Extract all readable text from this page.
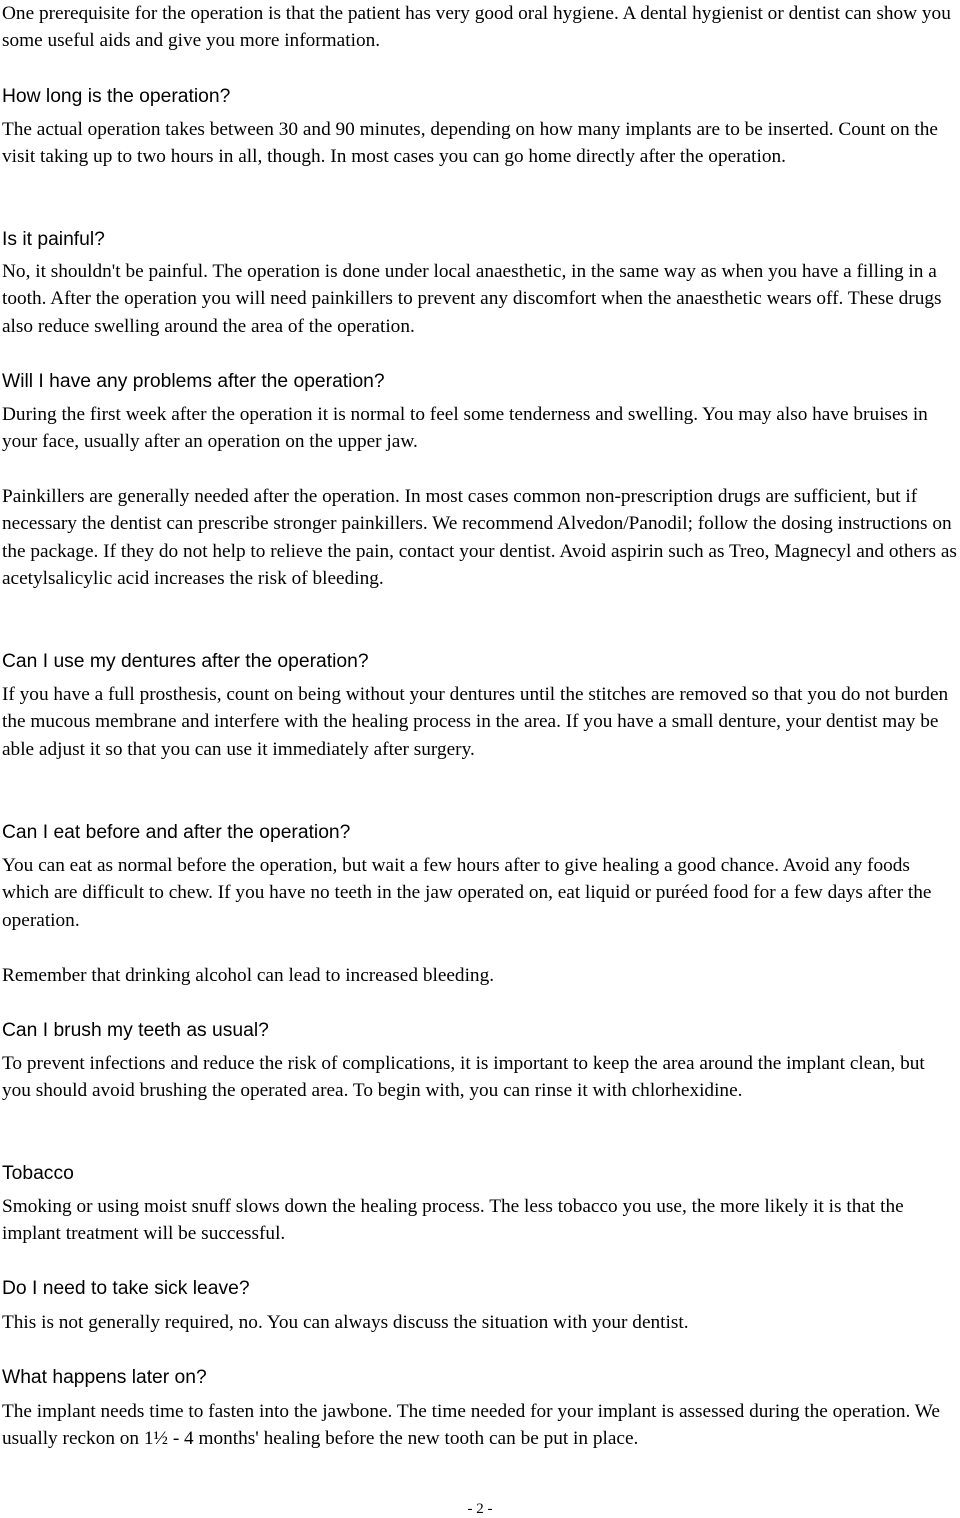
One prerequisite for the operation is that the patient has very good oral hygiene. A dental hygienist or dentist can show you some useful aids and give you more information.

How long is the operation?

The actual operation takes between 30 and 90 minutes, depending on how many implants are to be inserted. Count on the visit taking up to two hours in all, though. In most cases you can go home directly after the operation.

Is it painful?

No, it shouldn't be painful. The operation is done under local anaesthetic, in the same way as when you have a filling in a tooth. After the operation you will need painkillers to prevent any discomfort when the anaesthetic wears off. These drugs also reduce swelling around the area of the operation.

Will I have any problems after the operation?

During the first week after the operation it is normal to feel some tenderness and swelling. You may also have bruises in your face, usually after an operation on the upper jaw.

Painkillers are generally needed after the operation. In most cases common non-prescription drugs are sufficient, but if necessary the dentist can prescribe stronger painkillers. We recommend Alvedon/Panodil; follow the dosing instructions on the package. If they do not help to relieve the pain, contact your dentist. Avoid aspirin such as Treo, Magnecyl and others as acetylsalicylic acid increases the risk of bleeding.

Can I use my dentures after the operation?

If you have a full prosthesis, count on being without your dentures until the stitches are removed so that you do not burden the mucous membrane and interfere with the healing process in the area. If you have a small denture, your dentist may be able adjust it so that you can use it immediately after surgery.

Can I eat before and after the operation?

You can eat as normal before the operation, but wait a few hours after to give healing a good chance. Avoid any foods which are difficult to chew. If you have no teeth in the jaw operated on, eat liquid or puréed food for a few days after the operation.

Remember that drinking alcohol can lead to increased bleeding.

Can I brush my teeth as usual?

To prevent infections and reduce the risk of complications, it is important to keep the area around the implant clean, but you should avoid brushing the operated area. To begin with, you can rinse it with chlorhexidine.

Tobacco

Smoking or using moist snuff slows down the healing process. The less tobacco you use, the more likely it is that the implant treatment will be successful.

Do I need to take sick leave?

This is not generally required, no. You can always discuss the situation with your dentist.

What happens later on?

The implant needs time to fasten into the jawbone. The time needed for your implant is assessed during the operation. We usually reckon on 1½ - 4 months' healing before the new tooth can be put in place.

- 2 -
